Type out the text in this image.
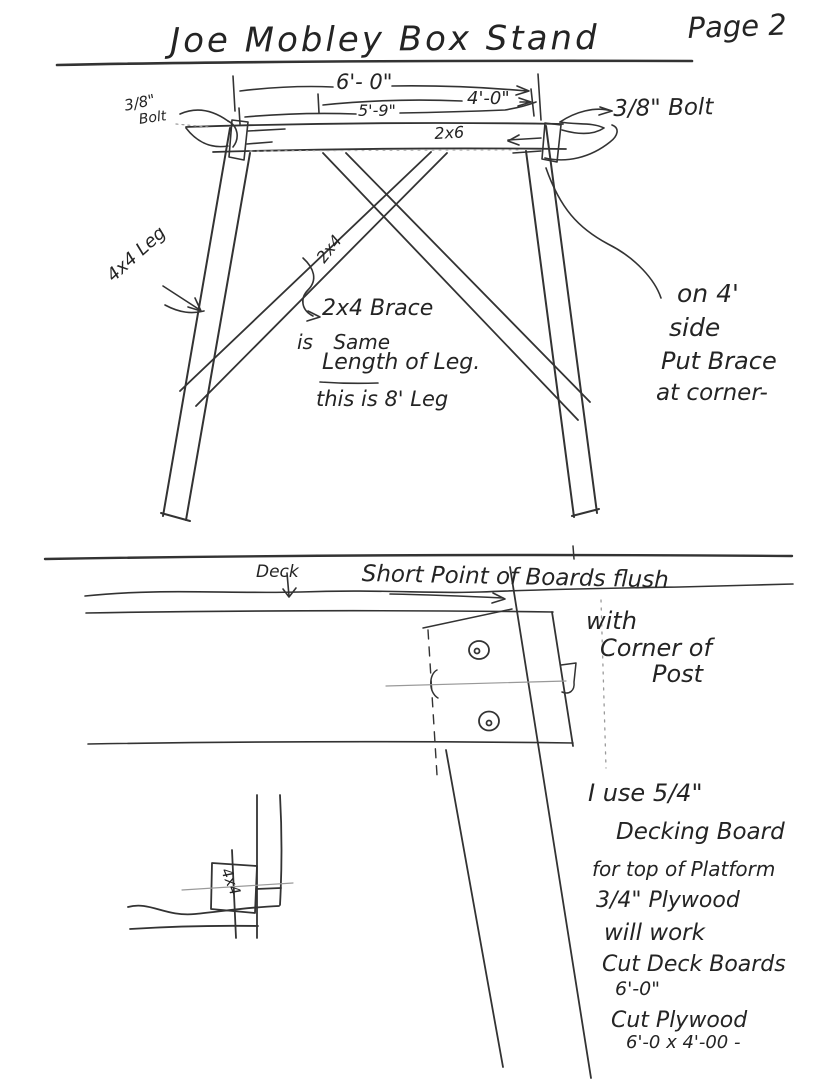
Joe Mobley Box Stand	Page 2
6'- 0"
4'-0"
5'-9"
2x6
3/8"
Bolt	3/8" Bolt
4x4 Leg	2x4
2x4 Brace
is Same
Length of Leg.
this is 8' Leg
on 4'
side
Put Brace
at corner-
Deck	Short Point of Boards flush
with
Corner of
Post
4x4
I use 5/4"
Decking Board
for top of Platform
3/4" Plywood
will work
Cut Deck Boards
6'-0"
Cut Plywood
6'-0 x 4'-00 -
